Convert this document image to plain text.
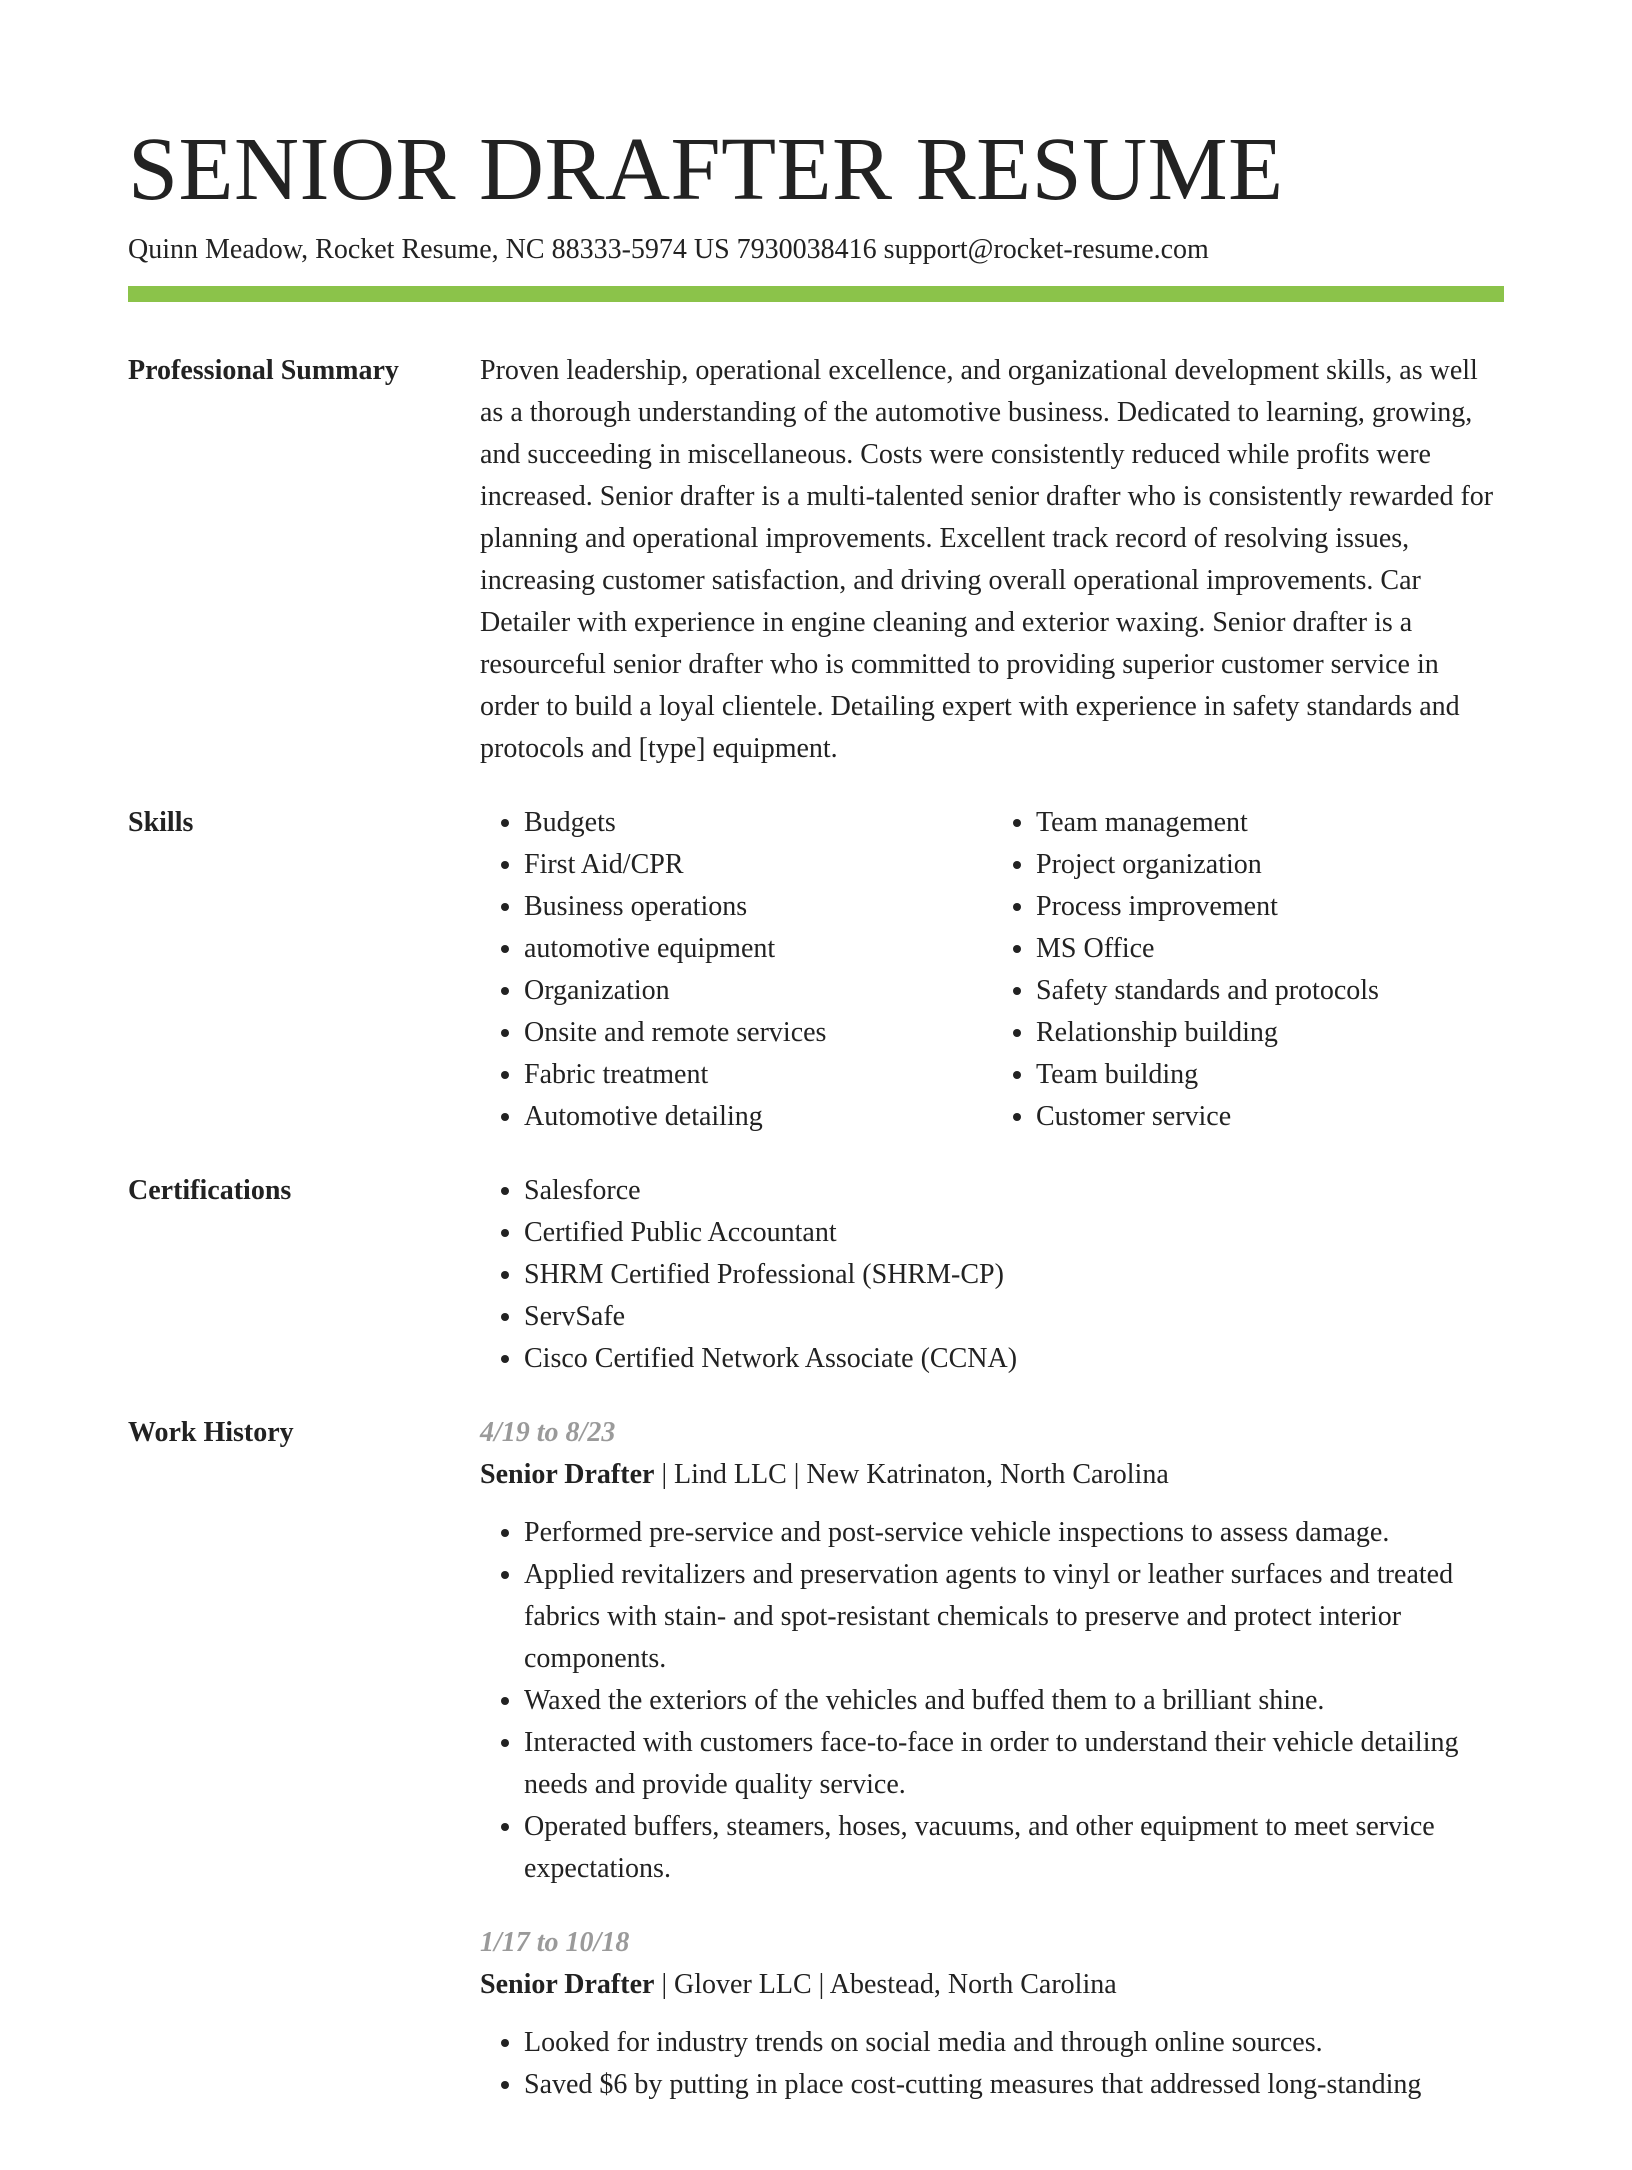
SENIOR DRAFTER RESUME
Quinn Meadow, Rocket Resume, NC 88333-5974 US 7930038416 support@rocket-resume.com
Professional Summary	Proven leadership, operational excellence, and organizational development skills, as well as a thorough understanding of the automotive business. Dedicated to learning, growing, and succeeding in miscellaneous. Costs were consistently reduced while profits were increased. Senior drafter is a multi-talented senior drafter who is consistently rewarded for planning and operational improvements. Excellent track record of resolving issues, increasing customer satisfaction, and driving overall operational improvements. Car Detailer with experience in engine cleaning and exterior waxing. Senior drafter is a resourceful senior drafter who is committed to providing superior customer service in order to build a loyal clientele. Detailing expert with experience in safety standards and protocols and [type] equipment.

Skills	• Budgets
• First Aid/CPR
• Business operations
• automotive equipment
• Organization
• Onsite and remote services
• Fabric treatment
• Automotive detailing
• Team management
• Project organization
• Process improvement
• MS Office
• Safety standards and protocols
• Relationship building
• Team building
• Customer service
Certifications	• Salesforce
• Certified Public Accountant
• SHRM Certified Professional (SHRM-CP)
• ServSafe
• Cisco Certified Network Associate (CCNA)
Work History	4/19 to 8/23
Senior Drafter | Lind LLC | New Katrinaton, North Carolina
• Performed pre-service and post-service vehicle inspections to assess damage.
• Applied revitalizers and preservation agents to vinyl or leather surfaces and treated fabrics with stain- and spot-resistant chemicals to preserve and protect interior components.
• Waxed the exteriors of the vehicles and buffed them to a brilliant shine.
• Interacted with customers face-to-face in order to understand their vehicle detailing needs and provide quality service.
• Operated buffers, steamers, hoses, vacuums, and other equipment to meet service expectations.
1/17 to 10/18
Senior Drafter | Glover LLC | Abestead, North Carolina
• Looked for industry trends on social media and through online sources.
• Saved $6 by putting in place cost-cutting measures that addressed long-standing
